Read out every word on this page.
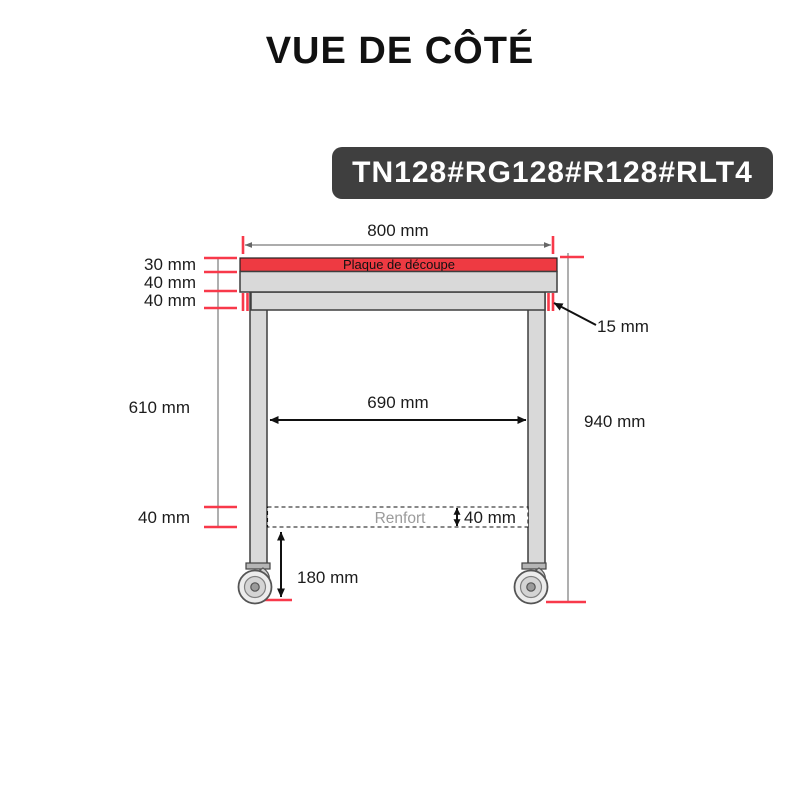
VUE DE CÔTÉ
TN128#RG128#R128#RLT4
800 mm
Plaque de découpe
30 mm
40 mm
40 mm
610 mm
40 mm
690 mm
Renfort 40 mm
180 mm
15 mm
940 mm
